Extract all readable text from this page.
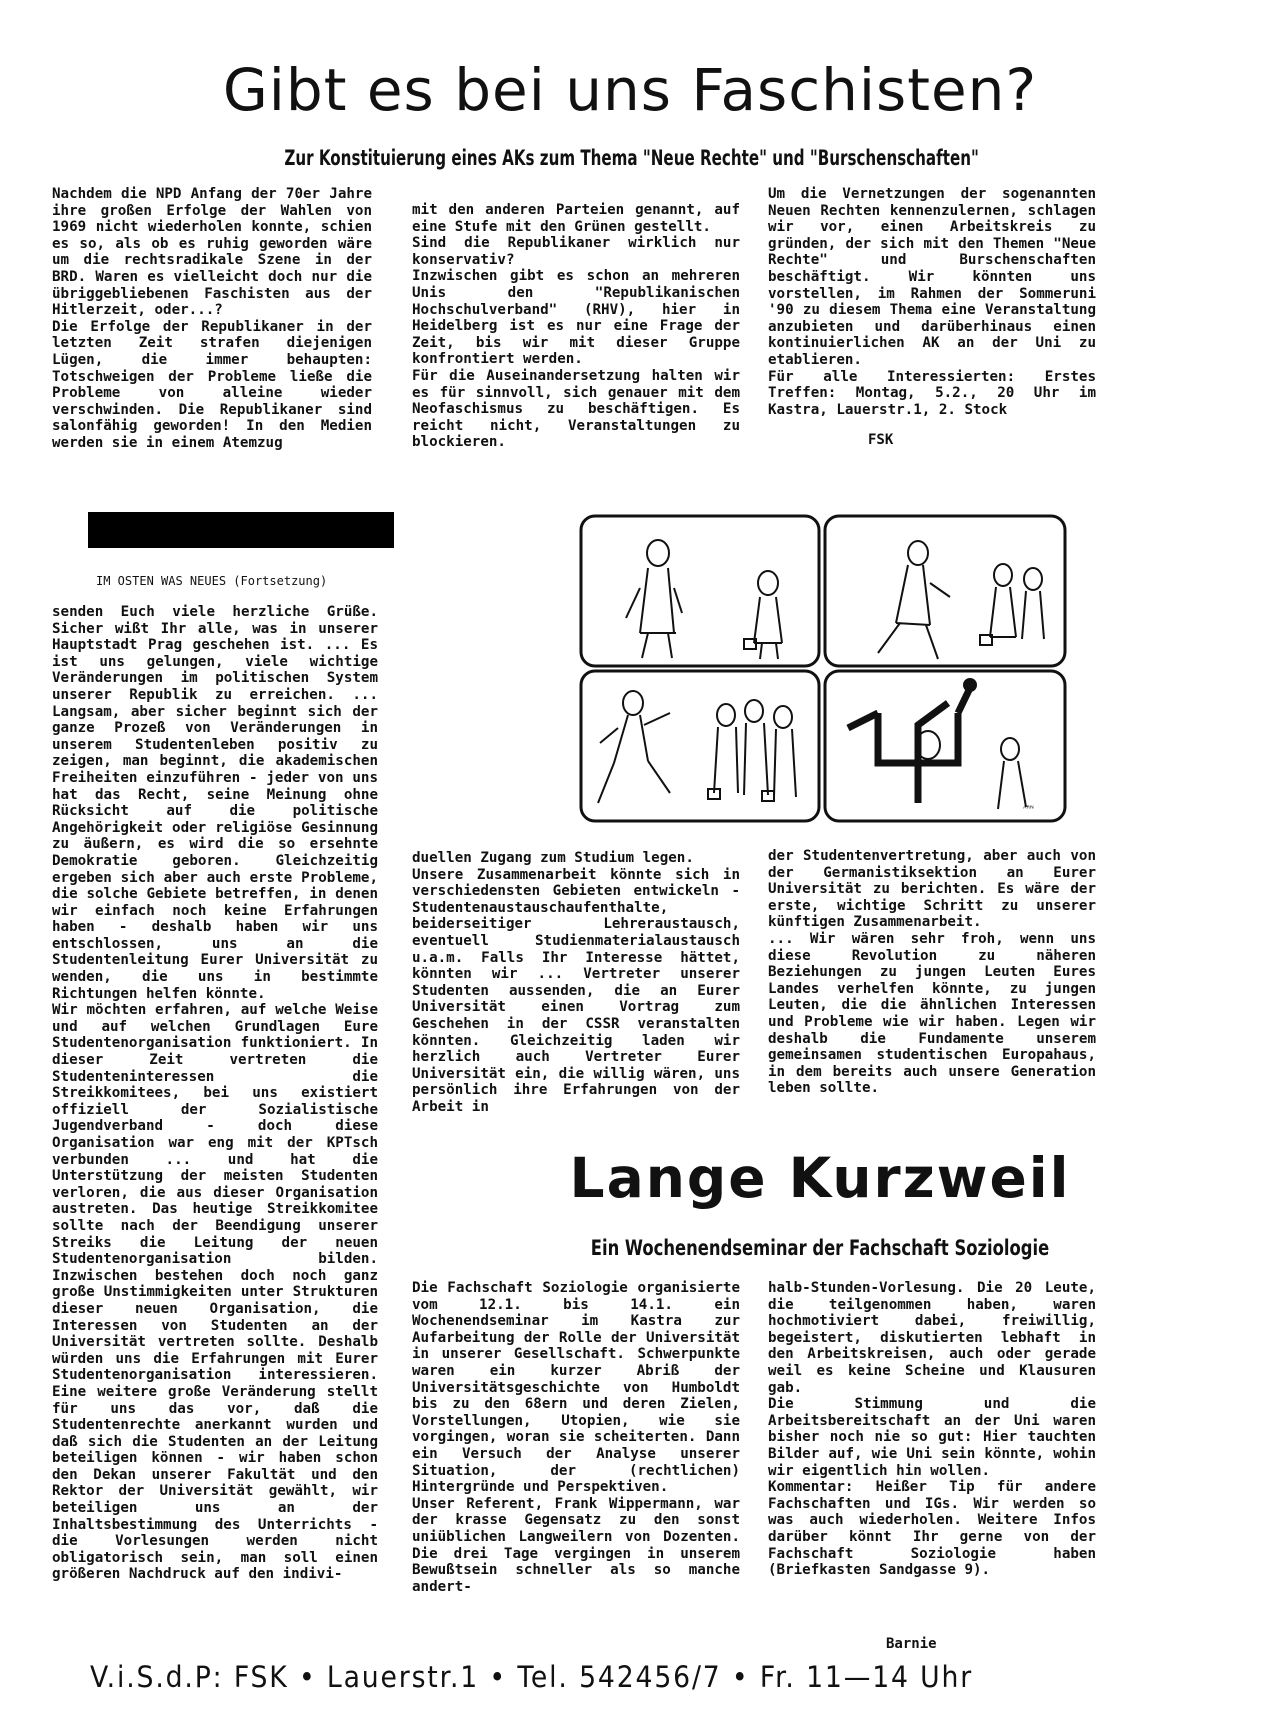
Gibt es bei uns Faschisten?

Zur Konstituierung eines AKs zum Thema "Neue Rechte" und "Burschenschaften"

Nachdem die NPD Anfang der 70er Jahre ihre großen Erfolge der Wahlen von 1969 nicht wiederholen konnte, schien es so, als ob es ruhig geworden wäre um die rechtsradikale Szene in der BRD. Waren es vielleicht doch nur die übriggebliebenen Faschisten aus der Hitlerzeit, oder...?
Die Erfolge der Republikaner in der letzten Zeit strafen diejenigen Lügen, die immer behaupten: Totschweigen der Probleme ließe die Probleme von alleine wieder verschwinden. Die Republikaner sind salonfähig geworden! In den Medien werden sie in einem Atemzug

mit den anderen Parteien genannt, auf eine Stufe mit den Grünen gestellt.
Sind die Republikaner wirklich nur konservativ?
Inzwischen gibt es schon an mehreren Unis den "Republikanischen Hochschulverband" (RHV), hier in Heidelberg ist es nur eine Frage der Zeit, bis wir mit dieser Gruppe konfrontiert werden.
Für die Auseinandersetzung halten wir es für sinnvoll, sich genauer mit dem Neofaschismus zu beschäftigen. Es reicht nicht, Veranstaltungen zu blockieren.

Um die Vernetzungen der sogenannten Neuen Rechten kennenzulernen, schlagen wir vor, einen Arbeitskreis zu gründen, der sich mit den Themen "Neue Rechte" und Burschenschaften beschäftigt. Wir könnten uns vorstellen, im Rahmen der Sommeruni '90 zu diesem Thema eine Veranstaltung anzubieten und darüberhinaus einen kontinuierlichen AK an der Uni zu etablieren.
Für alle Interessierten: Erstes Treffen: Montag, 5.2., 20 Uhr im Kastra, Lauerstr.1, 2. Stock

FSK

IM OSTEN WAS NEUES (Fortsetzung)

ᴬᴿᴺ

senden Euch viele herzliche Grüße. Sicher wißt Ihr alle, was in unserer Hauptstadt Prag geschehen ist. ... Es ist uns gelungen, viele wichtige Veränderungen im politischen System unserer Republik zu erreichen. ... Langsam, aber sicher beginnt sich der ganze Prozeß von Veränderungen in unserem Studentenleben positiv zu zeigen, man beginnt, die akademischen Freiheiten einzuführen - jeder von uns hat das Recht, seine Meinung ohne Rücksicht auf die politische Angehörigkeit oder religiöse Gesinnung zu äußern, es wird die so ersehnte Demokratie geboren. Gleichzeitig ergeben sich aber auch erste Probleme, die solche Gebiete betreffen, in denen wir einfach noch keine Erfahrungen haben - deshalb haben wir uns entschlossen, uns an die Studentenleitung Eurer Universität zu wenden, die uns in bestimmte Richtungen helfen könnte.
Wir möchten erfahren, auf welche Weise und auf welchen Grundlagen Eure Studentenorganisation funktioniert. In dieser Zeit vertreten die Studenteninteressen die Streikkomitees, bei uns existiert offiziell der Sozialistische Jugendverband - doch diese Organisation war eng mit der KPTsch verbunden ... und hat die Unterstützung der meisten Studenten verloren, die aus dieser Organisation austreten. Das heutige Streikkomitee sollte nach der Beendigung unserer Streiks die Leitung der neuen Studentenorganisation bilden. Inzwischen bestehen doch noch ganz große Unstimmigkeiten unter Strukturen dieser neuen Organisation, die Interessen von Studenten an der Universität vertreten sollte. Deshalb würden uns die Erfahrungen mit Eurer Studentenorganisation interessieren. Eine weitere große Veränderung stellt für uns das vor, daß die Studentenrechte anerkannt wurden und daß sich die Studenten an der Leitung beteiligen können - wir haben schon den Dekan unserer Fakultät und den Rektor der Universität gewählt, wir beteiligen uns an der Inhaltsbestimmung des Unterrichts - die Vorlesungen werden nicht obligatorisch sein, man soll einen größeren Nachdruck auf den indivi-

duellen Zugang zum Studium legen.
Unsere Zusammenarbeit könnte sich in verschiedensten Gebieten entwickeln - Studentenaustauschaufenthalte, beiderseitiger Lehreraustausch, eventuell Studienmaterialaustausch u.a.m. Falls Ihr Interesse hättet, könnten wir ... Vertreter unserer Studenten aussenden, die an Eurer Universität einen Vortrag zum Geschehen in der CSSR veranstalten könnten. Gleichzeitig laden wir herzlich auch Vertreter Eurer Universität ein, die willig wären, uns persönlich ihre Erfahrungen von der Arbeit in

der Studentenvertretung, aber auch von der Germanistiksektion an Eurer Universität zu berichten. Es wäre der erste, wichtige Schritt zu unserer künftigen Zusammenarbeit.
... Wir wären sehr froh, wenn uns diese Revolution zu näheren Beziehungen zu jungen Leuten Eures Landes verhelfen könnte, zu jungen Leuten, die die ähnlichen Interessen und Probleme wie wir haben. Legen wir deshalb die Fundamente unserem gemeinsamen studentischen Europahaus, in dem bereits auch unsere Generation leben sollte.

Lange Kurzweil

Ein Wochenendseminar der Fachschaft Soziologie

Die Fachschaft Soziologie organisierte vom 12.1. bis 14.1. ein Wochenendseminar im Kastra zur Aufarbeitung der Rolle der Universität in unserer Gesellschaft. Schwerpunkte waren ein kurzer Abriß der Universitätsgeschichte von Humboldt bis zu den 68ern und deren Zielen, Vorstellungen, Utopien, wie sie vorgingen, woran sie scheiterten. Dann ein Versuch der Analyse unserer Situation, der (rechtlichen) Hintergründe und Perspektiven.
Unser Referent, Frank Wippermann, war der krasse Gegensatz zu den sonst uniüblichen Langweilern von Dozenten. Die drei Tage vergingen in unserem Bewußtsein schneller als so manche andert-

halb-Stunden-Vorlesung. Die 20 Leute, die teilgenommen haben, waren hochmotiviert dabei, freiwillig, begeistert, diskutierten lebhaft in den Arbeitskreisen, auch oder gerade weil es keine Scheine und Klausuren gab.
Die Stimmung und die Arbeitsbereitschaft an der Uni waren bisher noch nie so gut: Hier tauchten Bilder auf, wie Uni sein könnte, wohin wir eigentlich hin wollen.
Kommentar: Heißer Tip für andere Fachschaften und IGs. Wir werden so was auch wiederholen. Weitere Infos darüber könnt Ihr gerne von der Fachschaft Soziologie haben (Briefkasten Sandgasse 9).

Barnie

V.i.S.d.P: FSK • Lauerstr.1 • Tel. 542456/7 • Fr. 11—14 Uhr
